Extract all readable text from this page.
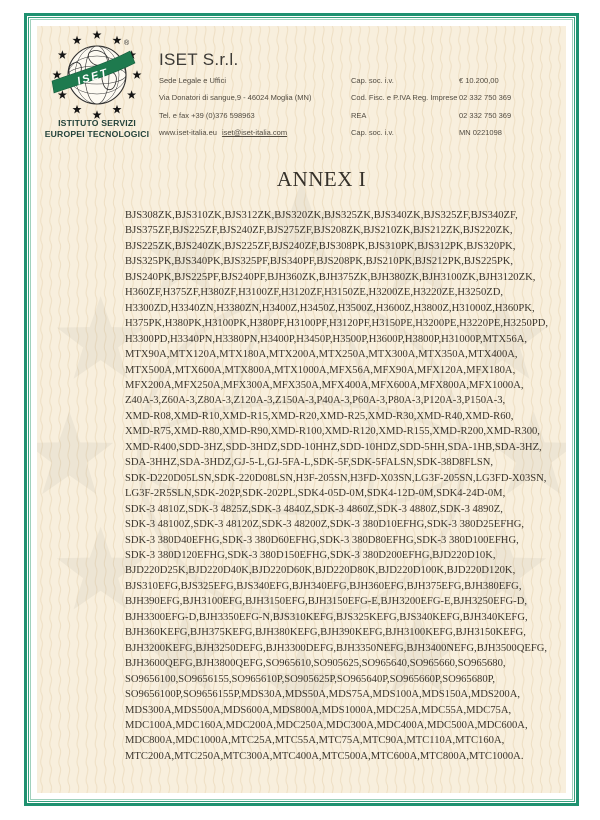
ISET
®
ISTITUTO SERVIZI
EUROPEI TECNOLOGICI
ISET S.r.l.
Sede Legale e Uffici	Cap. soc. i.v.	€ 10.200,00
Via Donatori di sangue,9 - 46024 Moglia (MN)	Cod. Fisc. e P.IVA Reg. Imprese 02 332 750 369
Tel. e fax +39 (0)376 598963	REA	02 332 750 369
www.iset-italia.eu iset@iset-italia.com	Cap. soc. i.v.	MN 0221098
ANNEX I
BJS308ZK,BJS310ZK,BJS312ZK,BJS320ZK,BJS325ZK,BJS340ZK,BJS325ZF,BJS340ZF,
BJS375ZF,BJS225ZF,BJS240ZF,BJS275ZF,BJS208ZK,BJS210ZK,BJS212ZK,BJS220ZK,
BJS225ZK,BJS240ZK,BJS225ZF,BJS240ZF,BJS308PK,BJS310PK,BJS312PK,BJS320PK,
BJS325PK,BJS340PK,BJS325PF,BJS340PF,BJS208PK,BJS210PK,BJS212PK,BJS225PK,
BJS240PK,BJS225PF,BJS240PF,BJH360ZK,BJH375ZK,BJH380ZK,BJH3100ZK,BJH3120ZK,
H360ZF,H375ZF,H380ZF,H3100ZF,H3120ZF,H3150ZE,H3200ZE,H3220ZE,H3250ZD,
H3300ZD,H3340ZN,H3380ZN,H3400Z,H3450Z,H3500Z,H3600Z,H3800Z,H31000Z,H360PK,
H375PK,H380PK,H3100PK,H380PF,H3100PF,H3120PF,H3150PE,H3200PE,H3220PE,H3250PD,
H3300PD,H3340PN,H3380PN,H3400P,H3450P,H3500P,H3600P,H3800P,H31000P,MTX56A,
MTX90A,MTX120A,MTX180A,MTX200A,MTX250A,MTX300A,MTX350A,MTX400A,
MTX500A,MTX600A,MTX800A,MTX1000A,MFX56A,MFX90A,MFX120A,MFX180A,
MFX200A,MFX250A,MFX300A,MFX350A,MFX400A,MFX600A,MFX800A,MFX1000A,
Z40A-3,Z60A-3,Z80A-3,Z120A-3,Z150A-3,P40A-3,P60A-3,P80A-3,P120A-3,P150A-3,
XMD-R08,XMD-R10,XMD-R15,XMD-R20,XMD-R25,XMD-R30,XMD-R40,XMD-R60,
XMD-R75,XMD-R80,XMD-R90,XMD-R100,XMD-R120,XMD-R155,XMD-R200,XMD-R300,
XMD-R400,SDD-3HZ,SDD-3HDZ,SDD-10HHZ,SDD-10HDZ,SDD-5HH,SDA-1HB,SDA-3HZ,
SDA-3HHZ,SDA-3HDZ,GJ-5-L,GJ-5FA-L,SDK-5F,SDK-5FALSN,SDK-38D8FLSN,
SDK-D220D05LSN,SDK-220D08LSN,H3F-205SN,H3FD-X03SN,LG3F-205SN,LG3FD-X03SN,
LG3F-2R5SLN,SDK-202P,SDK-202PL,SDK4-05D-0M,SDK4-12D-0M,SDK4-24D-0M,
SDK-3 4810Z,SDK-3 4825Z,SDK-3 4840Z,SDK-3 4860Z,SDK-3 4880Z,SDK-3 4890Z,
SDK-3 48100Z,SDK-3 48120Z,SDK-3 48200Z,SDK-3 380D10EFHG,SDK-3 380D25EFHG,
SDK-3 380D40EFHG,SDK-3 380D60EFHG,SDK-3 380D80EFHG,SDK-3 380D100EFHG,
SDK-3 380D120EFHG,SDK-3 380D150EFHG,SDK-3 380D200EFHG,BJD220D10K,
BJD220D25K,BJD220D40K,BJD220D60K,BJD220D80K,BJD220D100K,BJD220D120K,
BJS310EFG,BJS325EFG,BJS340EFG,BJH340EFG,BJH360EFG,BJH375EFG,BJH380EFG,
BJH390EFG,BJH3100EFG,BJH3150EFG,BJH3150EFG-E,BJH3200EFG-E,BJH3250EFG-D,
BJH3300EFG-D,BJH3350EFG-N,BJS310KEFG,BJS325KEFG,BJS340KEFG,BJH340KEFG,
BJH360KEFG,BJH375KEFG,BJH380KEFG,BJH390KEFG,BJH3100KEFG,BJH3150KEFG,
BJH3200KEFG,BJH3250DEFG,BJH3300DEFG,BJH3350NEFG,BJH3400NEFG,BJH3500QEFG,
BJH3600QEFG,BJH3800QEFG,SO965610,SO905625,SO965640,SO965660,SO965680,
SO9656100,SO9656155,SO965610P,SO905625P,SO965640P,SO965660P,SO965680P,
SO9656100P,SO9656155P,MDS30A,MDS50A,MDS75A,MDS100A,MDS150A,MDS200A,
MDS300A,MDS500A,MDS600A,MDS800A,MDS1000A,MDC25A,MDC55A,MDC75A,
MDC100A,MDC160A,MDC200A,MDC250A,MDC300A,MDC400A,MDC500A,MDC600A,
MDC800A,MDC1000A,MTC25A,MTC55A,MTC75A,MTC90A,MTC110A,MTC160A,
MTC200A,MTC250A,MTC300A,MTC400A,MTC500A,MTC600A,MTC800A,MTC1000A.
